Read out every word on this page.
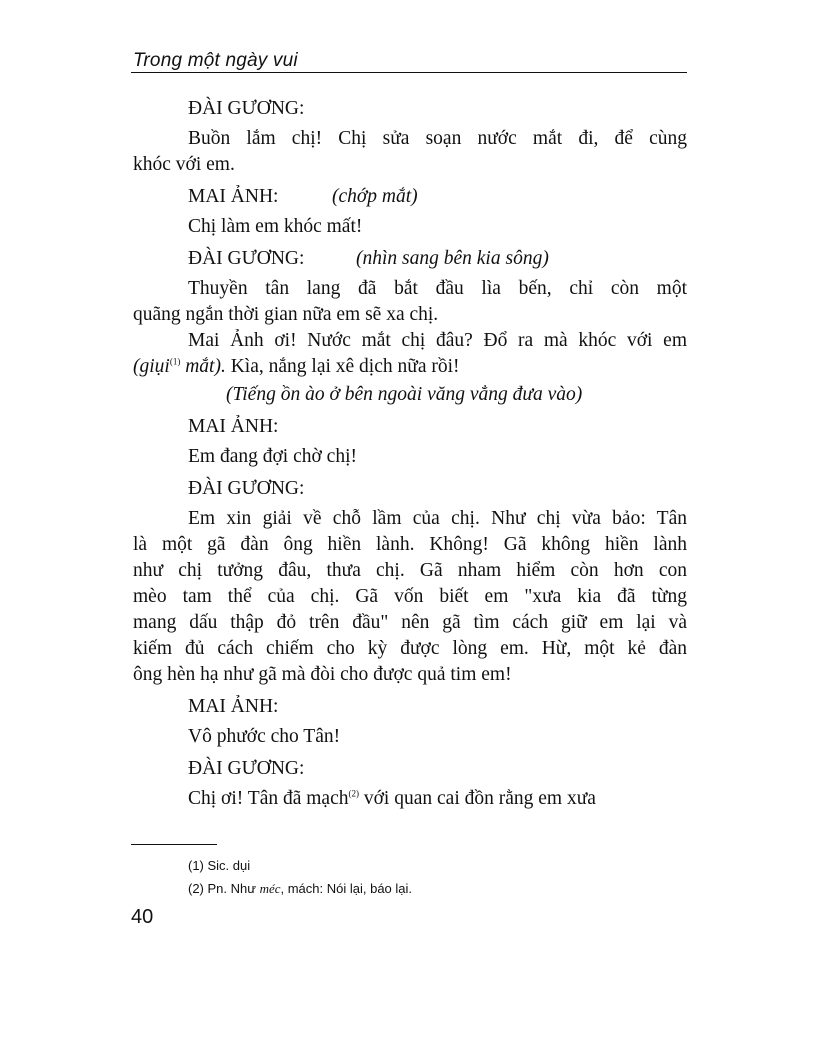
Trong một ngày vui
ĐÀI GƯƠNG:
Buồn lắm chị! Chị sửa soạn nước mắt đi, để cùng
khóc với em.
MAI ẢNH:	(chớp mắt)
Chị làm em khóc mất!
ĐÀI GƯƠNG:	(nhìn sang bên kia sông)
Thuyền tân lang đã bắt đầu lìa bến, chỉ còn một
quãng ngắn thời gian nữa em sẽ xa chị.
Mai Ảnh ơi! Nước mắt chị đâu? Đổ ra mà khóc với em
(giụi$^{(1)}$ mắt). Kìa, nắng lại xê dịch nữa rồi!
(Tiếng ồn ào ở bên ngoài văng vẳng đưa vào)
MAI ẢNH:
Em đang đợi chờ chị!
ĐÀI GƯƠNG:
Em xin giải về chỗ lầm của chị. Như chị vừa bảo: Tân
là một gã đàn ông hiền lành. Không! Gã không hiền lành
như chị tưởng đâu, thưa chị. Gã nham hiểm còn hơn con
mèo tam thể của chị. Gã vốn biết em "xưa kia đã từng
mang dấu thập đỏ trên đầu" nên gã tìm cách giữ em lại và
kiếm đủ cách chiếm cho kỳ được lòng em. Hừ, một kẻ đàn
ông hèn hạ như gã mà đòi cho được quả tim em!
MAI ẢNH:
Vô phước cho Tân!
ĐÀI GƯƠNG:
Chị ơi! Tân đã mạch$^{(2)}$ với quan cai đồn rằng em xưa
(1) Sic. dụi
(2) Pn. Như méc, mách: Nói lại, báo lại.
40
